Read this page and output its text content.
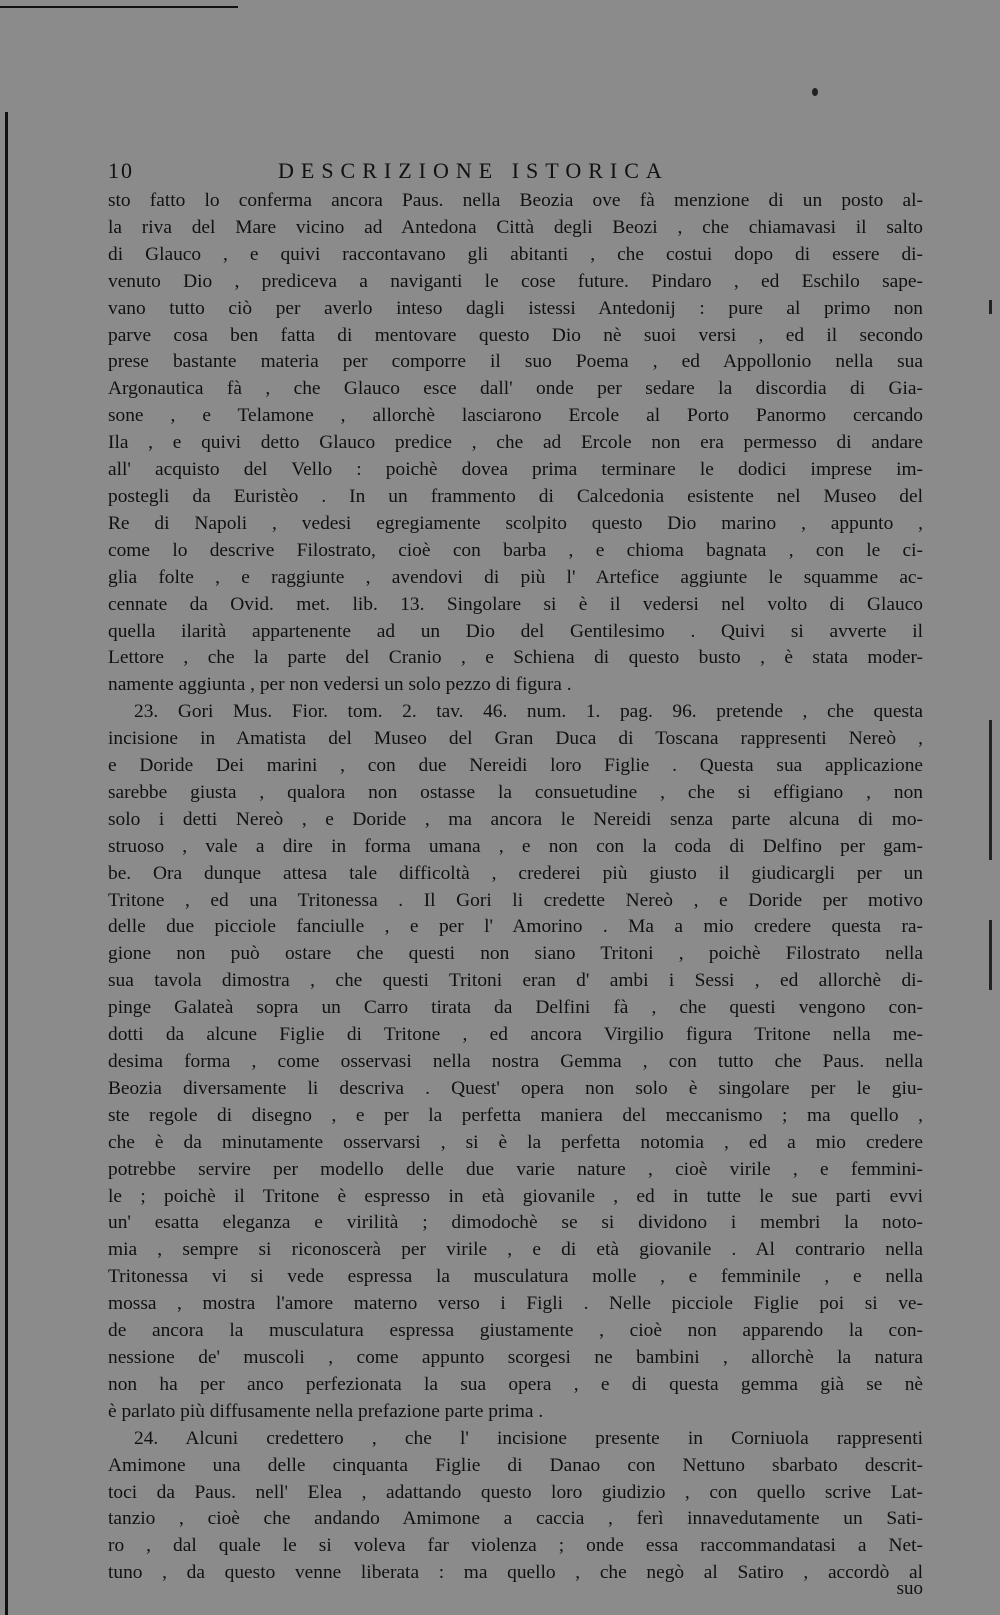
10	DESCRIZIONE ISTORICA
sto fatto lo conferma ancora Paus. nella Beozia ove fà menzione di un posto al-
la riva del Mare vicino ad Antedona Città degli Beozi , che chiamavasi il salto
di Glauco , e quivi raccontavano gli abitanti , che costui dopo di essere di-
venuto Dio , prediceva a naviganti le cose future. Pindaro , ed Eschilo sape-
vano tutto ciò per averlo inteso dagli istessi Antedonij : pure al primo non
parve cosa ben fatta di mentovare questo Dio nè suoi versi , ed il secondo
prese bastante materia per comporre il suo Poema , ed Appollonio nella sua
Argonautica fà , che Glauco esce dall' onde per sedare la discordia di Gia-
sone , e Telamone , allorchè lasciarono Ercole al Porto Panormo cercando
Ila , e quivi detto Glauco predice , che ad Ercole non era permesso di andare
all' acquisto del Vello : poichè dovea prima terminare le dodici imprese im-
postegli da Euristèo . In un frammento di Calcedonia esistente nel Museo del
Re di Napoli , vedesi egregiamente scolpito questo Dio marino , appunto ,
come lo descrive Filostrato, cioè con barba , e chioma bagnata , con le ci-
glia folte , e raggiunte , avendovi di più l' Artefice aggiunte le squamme ac-
cennate da Ovid. met. lib. 13. Singolare si è il vedersi nel volto di Glauco
quella ilarità appartenente ad un Dio del Gentilesimo . Quivi si avverte il
Lettore , che la parte del Cranio , e Schiena di questo busto , è stata moder-
namente aggiunta , per non vedersi un solo pezzo di figura .
23. Gori Mus. Fior. tom. 2. tav. 46. num. 1. pag. 96. pretende , che questa
incisione in Amatista del Museo del Gran Duca di Toscana rappresenti Nereò ,
e Doride Dei marini , con due Nereidi loro Figlie . Questa sua applicazione
sarebbe giusta , qualora non ostasse la consuetudine , che si effigiano , non
solo i detti Nereò , e Doride , ma ancora le Nereidi senza parte alcuna di mo-
struoso , vale a dire in forma umana , e non con la coda di Delfino per gam-
be. Ora dunque attesa tale difficoltà , crederei più giusto il giudicargli per un
Tritone , ed una Tritonessa . Il Gori li credette Nereò , e Doride per motivo
delle due picciole fanciulle , e per l' Amorino . Ma a mio credere questa ra-
gione non può ostare che questi non siano Tritoni , poichè Filostrato nella
sua tavola dimostra , che questi Tritoni eran d' ambi i Sessi , ed allorchè di-
pinge Galateà sopra un Carro tirata da Delfini fà , che questi vengono con-
dotti da alcune Figlie di Tritone , ed ancora Virgilio figura Tritone nella me-
desima forma , come osservasi nella nostra Gemma , con tutto che Paus. nella
Beozia diversamente li descriva . Quest' opera non solo è singolare per le giu-
ste regole di disegno , e per la perfetta maniera del meccanismo ; ma quello ,
che è da minutamente osservarsi , si è la perfetta notomia , ed a mio credere
potrebbe servire per modello delle due varie nature , cioè virile , e femmini-
le ; poichè il Tritone è espresso in età giovanile , ed in tutte le sue parti evvi
un' esatta eleganza e virilità ; dimodochè se si dividono i membri la noto-
mia , sempre si riconoscerà per virile , e di età giovanile . Al contrario nella
Tritonessa vi si vede espressa la musculatura molle , e femminile , e nella
mossa , mostra l'amore materno verso i Figli . Nelle picciole Figlie poi si ve-
de ancora la musculatura espressa giustamente , cioè non apparendo la con-
nessione de' muscoli , come appunto scorgesi ne bambini , allorchè la natura
non ha per anco perfezionata la sua opera , e di questa gemma già se nè
è parlato più diffusamente nella prefazione parte prima .
24. Alcuni credettero , che l' incisione presente in Corniuola rappresenti
Amimone una delle cinquanta Figlie di Danao con Nettuno sbarbato descrit-
toci da Paus. nell' Elea , adattando questo loro giudizio , con quello scrive Lat-
tanzio , cioè che andando Amimone a caccia , ferì innavedutamente un Sati-
ro , dal quale le si voleva far violenza ; onde essa raccommandatasi a Net-
tuno , da questo venne liberata : ma quello , che negò al Satiro , accordò al
suo
